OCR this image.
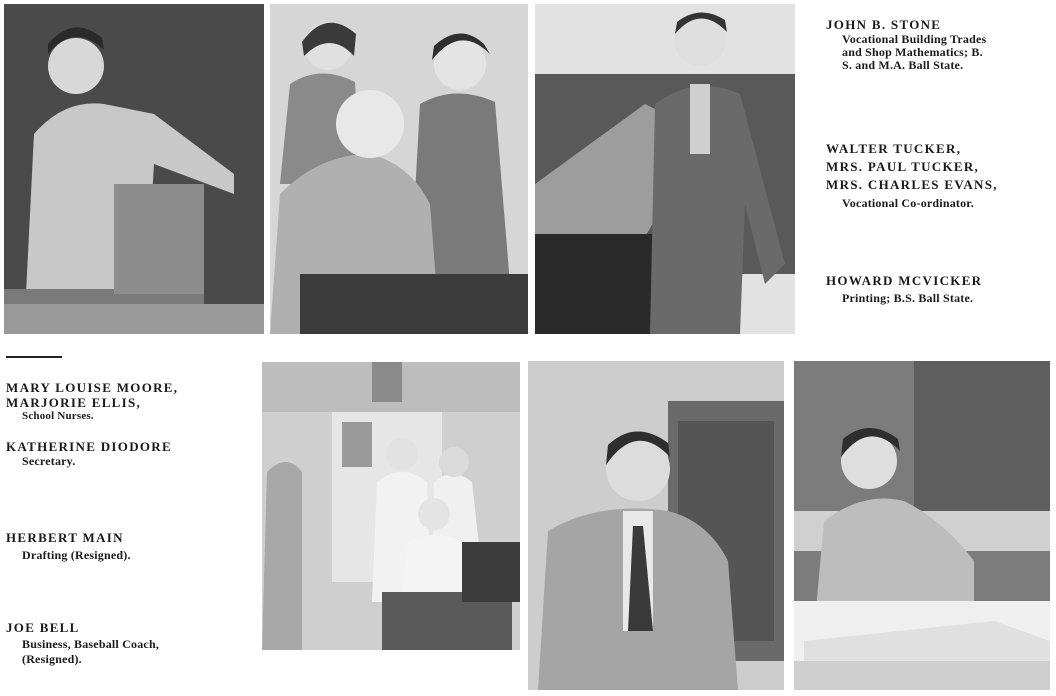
JOHN B. STONE
Vocational Building Trades
and Shop Mathematics; B.
S. and M.A. Ball State.
WALTER TUCKER,
MRS. PAUL TUCKER,
MRS. CHARLES EVANS,
Vocational Co-ordinator.
HOWARD MCVICKER
Printing; B.S. Ball State.
MARY LOUISE MOORE,
MARJORIE ELLIS,
School Nurses.
KATHERINE DIODORE
Secretary.
HERBERT MAIN
Drafting (Resigned).
JOE BELL
Business, Baseball Coach,
(Resigned).
